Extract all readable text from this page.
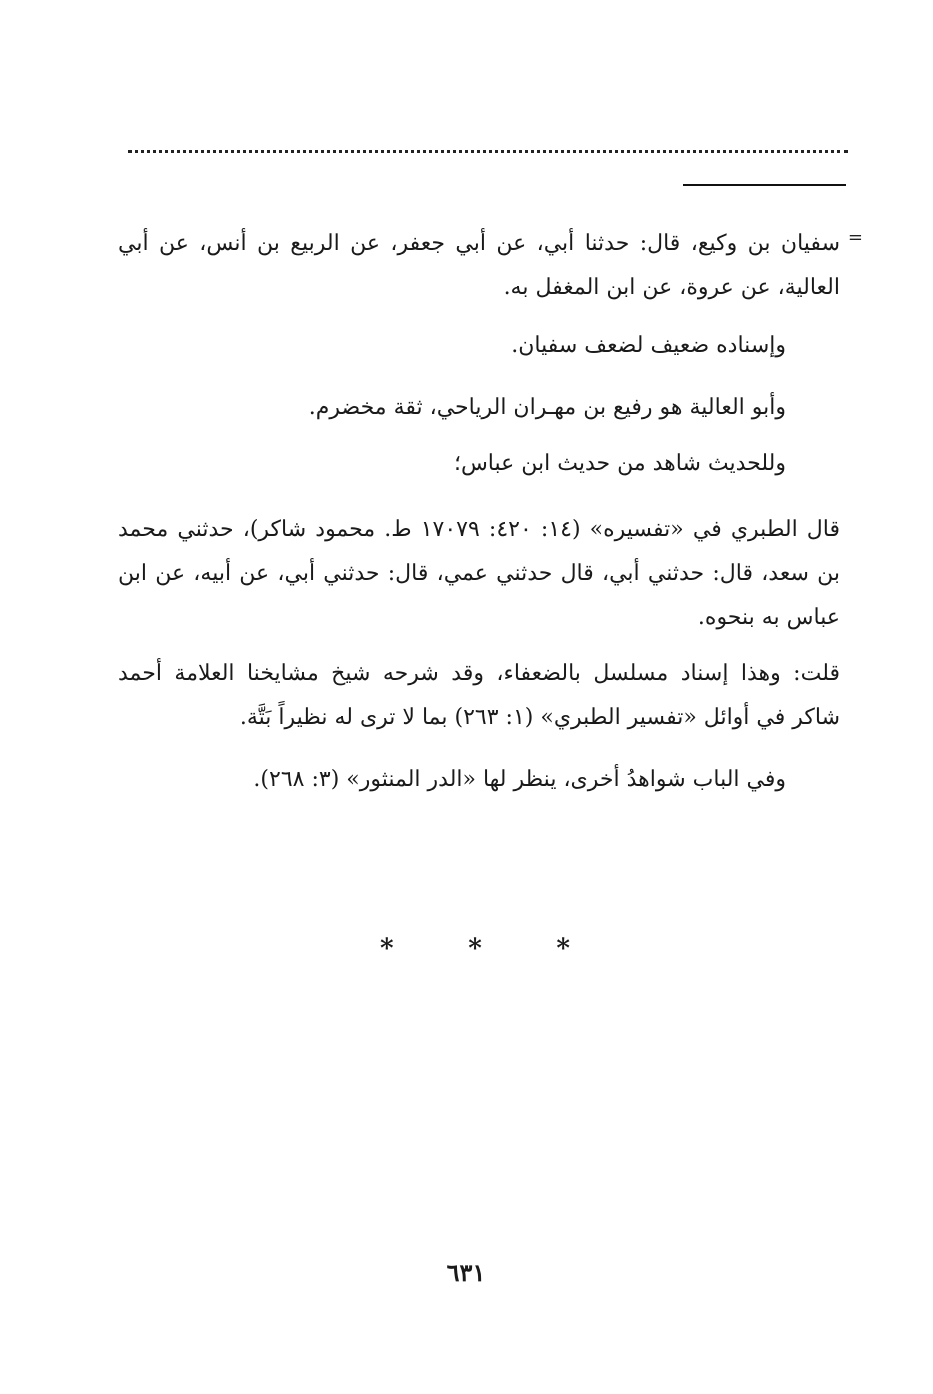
=
سفيان بن وكيع، قال: حدثنا أبي، عن أبي جعفر، عن الربيع بن أنس، عن أبي العالية، عن عروة، عن ابن المغفل به.
وإسناده ضعيف لضعف سفيان.
وأبو العالية هو رفيع بن مهـران الرياحي، ثقة مخضرم.
وللحديث شاهد من حديث ابن عباس؛
قال الطبري في «تفسيره» (١٤: ٤٢٠: ١٧٠٧٩ ط. محمود شاكر)، حدثني محمد بن سعد، قال: حدثني أبي، قال حدثني عمي، قال: حدثني أبي، عن أبيه، عن ابن عباس به بنحوه.
قلت: وهذا إسناد مسلسل بالضعفاء، وقد شرحه شيخ مشايخنا العلامة أحمد شاكر في أوائل «تفسير الطبري» (١: ٢٦٣) بما لا ترى له نظيراً بَتَّة.
وفي الباب شواهدُ أخرى، ينظر لها «الدر المنثور» (٣: ٢٦٨).
*
*
*
٦٣١
